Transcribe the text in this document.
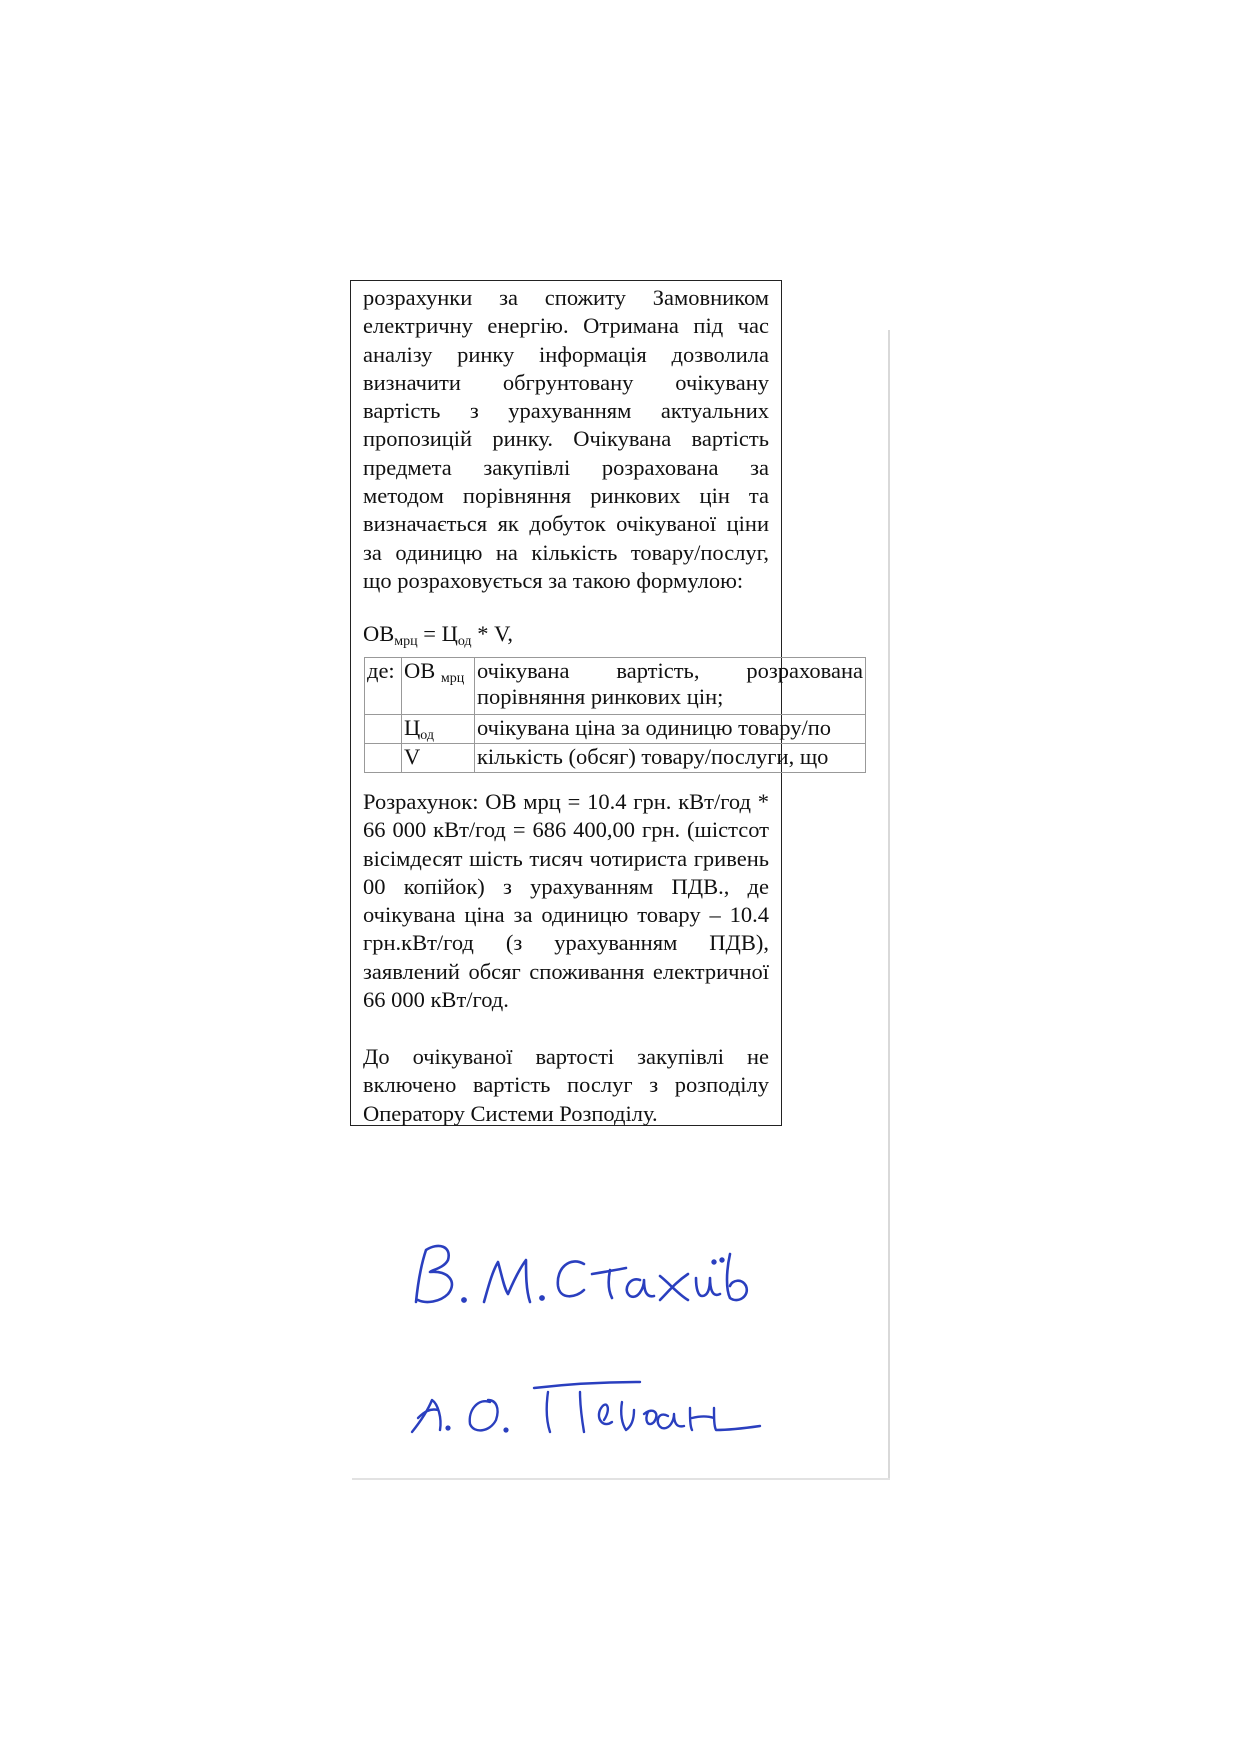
розрахунки за спожиту Замовником електричну енергію. Отримана під час аналізу ринку інформація дозволила визначити обгрунтовану очікувану вартість з урахуванням актуальних пропозицій ринку. Очікувана вартість предмета закупівлі розрахована за методом порівняння ринкових цін та визначається як добуток очікуваної ціни за одиницю на кількість товару/послуг, що розраховується за такою формулою:

$ОВ_{мрц} = Ц_{од} * V$,

Розрахунок: ОВ мрц = 10.4 грн. кВт/год * 66 000 кВт/год = 686 400,00 грн. (шістсот вісімдесят шість тисяч чотириста гривень 00 копійок) з урахуванням ПДВ., де очікувана ціна за одиницю товару – 10.4 грн.кВт/год (з урахуванням ПДВ), заявлений обсяг споживання електричної 66 000 кВт/год.

До очікуваної вартості закупівлі не включено вартість послуг з розподілу Оператору Системи Розподілу.

де:	ОВ $_{мрц}$	очікувана вартість, розрахована
порівняння ринкових цін;

	$Ц_{од}$	очікувана ціна за одиницю товару/по
	V	кількість (обсяг) товару/послуги, що
